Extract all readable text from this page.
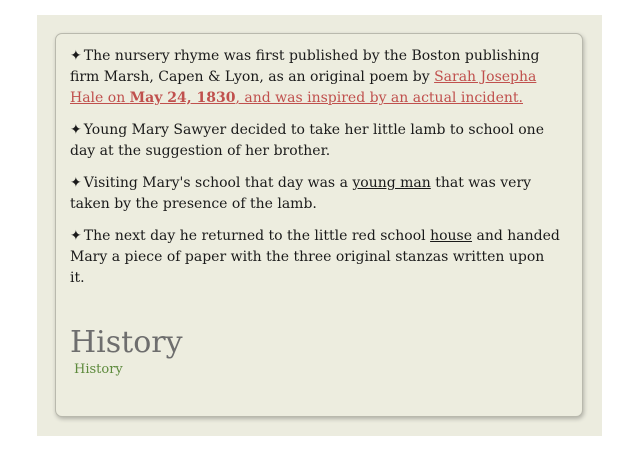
✦ The nursery rhyme was first published by the Boston publishing firm Marsh, Capen & Lyon, as an original poem by Sarah Josepha Hale on May 24, 1830, and was inspired by an actual incident.

✦ Young Mary Sawyer decided to take her little lamb to school one day at the suggestion of her brother.

✦ Visiting Mary's school that day was a young man that was very taken by the presence of the lamb.

✦ The next day he returned to the little red school house and handed Mary a piece of paper with the three original stanzas written upon it.

History
History
